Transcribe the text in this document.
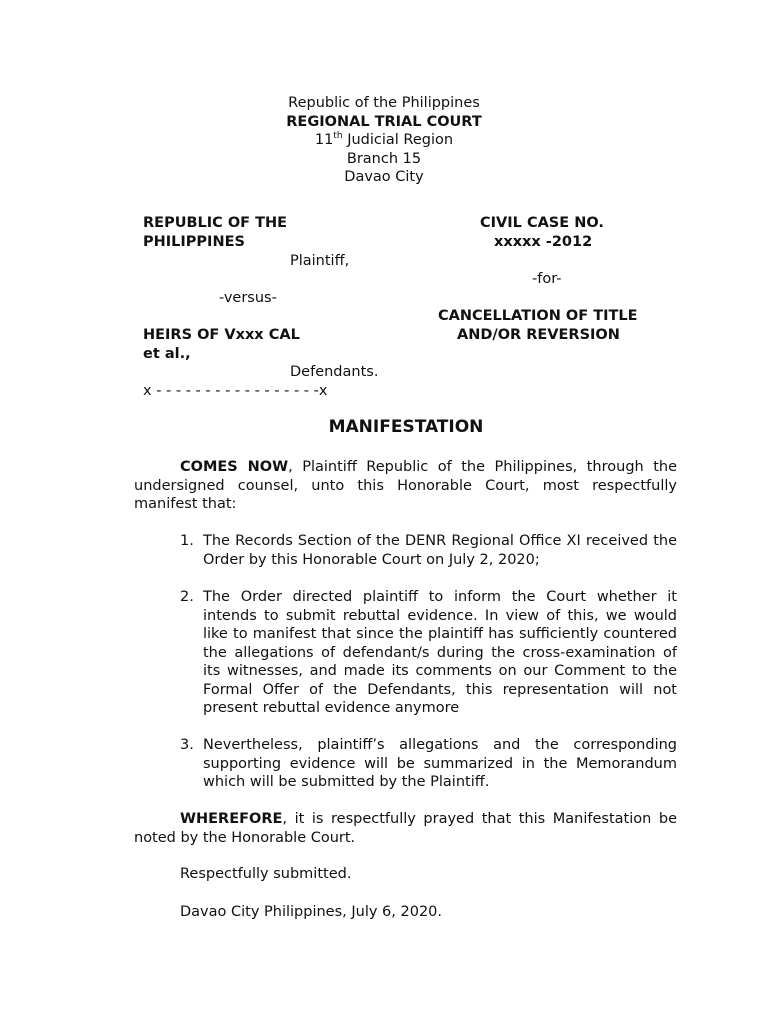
Republic of the Philippines
REGIONAL TRIAL COURT
11th Judicial Region
Branch 15
Davao City
REPUBLIC OF THE
PHILIPPINES
Plaintiff,
-versus-
HEIRS OF Vxxx CAL
et al.,
Defendants.
x - - - - - - - - - - - - - - - - -x
CIVIL CASE NO.
xxxxx -2012
-for-
CANCELLATION OF TITLE
AND/OR REVERSION
MANIFESTATION
COMES NOW, Plaintiff Republic of the Philippines, through the undersigned counsel, unto this Honorable Court, most respectfully manifest that:
1. The Records Section of the DENR Regional Office XI received the Order by this Honorable Court on July 2, 2020;
2. The Order directed plaintiff to inform the Court whether it intends to submit rebuttal evidence. In view of this, we would like to manifest that since the plaintiff has sufficiently countered the allegations of defendant/s during the cross-examination of its witnesses, and made its comments on our Comment to the Formal Offer of the Defendants, this representation will not present rebuttal evidence anymore
3. Nevertheless, plaintiff’s allegations and the corresponding supporting evidence will be summarized in the Memorandum which will be submitted by the Plaintiff.
WHEREFORE, it is respectfully prayed that this Manifestation be noted by the Honorable Court.
Respectfully submitted.
Davao City Philippines, July 6, 2020.
